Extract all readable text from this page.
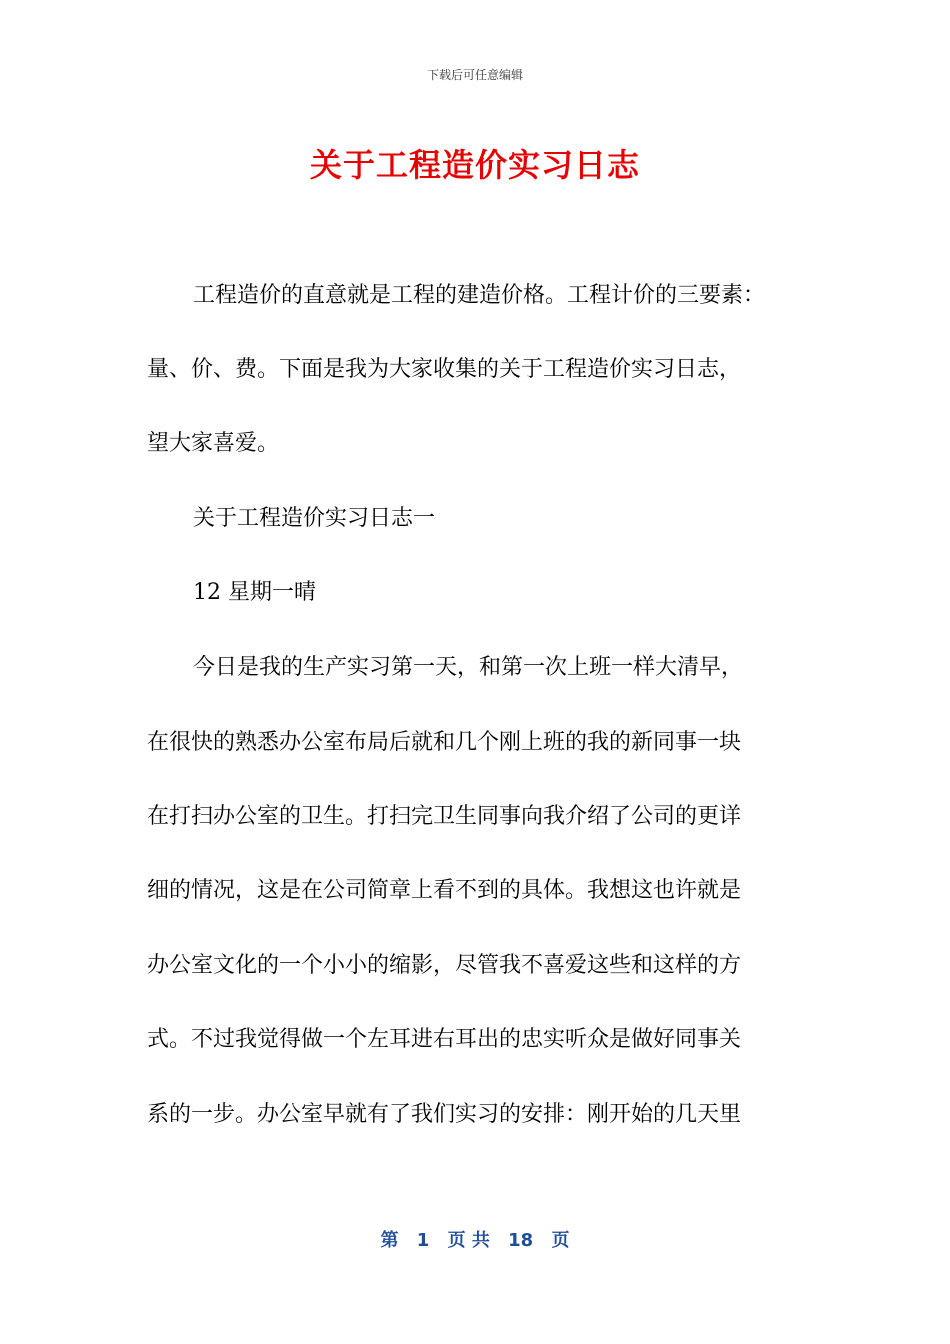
下载后可任意编辑
关于工程造价实习日志
工程造价的直意就是工程的建造价格。工程计价的三要素：
量、价、费。下面是我为大家收集的关于工程造价实习日志，
望大家喜爱。
关于工程造价实习日志一
12 星期一晴
今日是我的生产实习第一天，和第一次上班一样大清早，
在很快的熟悉办公室布局后就和几个刚上班的我的新同事一块
在打扫办公室的卫生。打扫完卫生同事向我介绍了公司的更详
细的情况，这是在公司简章上看不到的具体。我想这也许就是
办公室文化的一个小小的缩影，尽管我不喜爱这些和这样的方
式。不过我觉得做一个左耳进右耳出的忠实听众是做好同事关
系的一步。办公室早就有了我们实习的安排：刚开始的几天里
第 1 页 共 18 页
